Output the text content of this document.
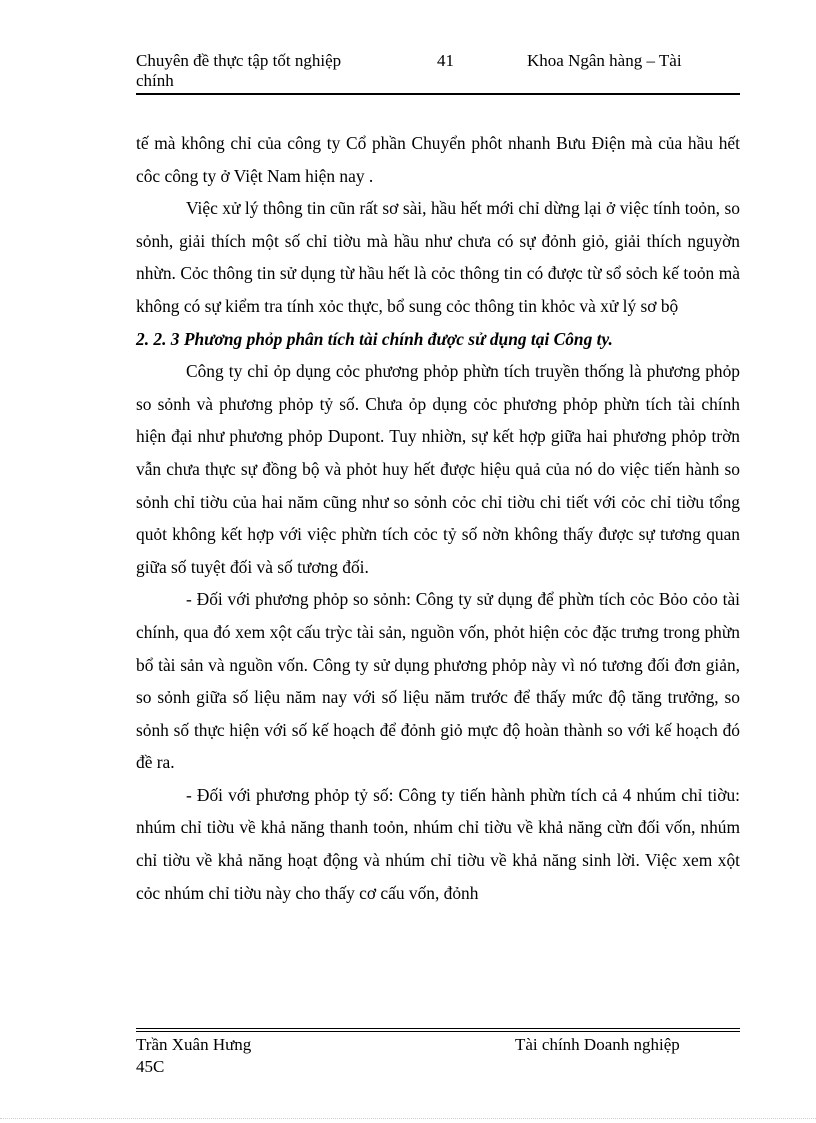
Chuyên đề thực tập tốt nghiệp
chính
41	Khoa Ngân hàng – Tài

tế mà không chỉ của công ty Cổ phần Chuyển phôt nhanh Bưu Điện mà của hầu hết côc công ty ở Việt Nam hiện nay .

Việc xử lý thông tin cũn rất sơ sài, hầu hết mới chỉ dừng lại ở việc tính toỏn, so sỏnh, giải thích một số chỉ tiờu mà hầu như chưa có sự đỏnh giỏ, giải thích nguyờn nhừn. Cỏc thông tin sử dụng từ hầu hết là cỏc thông tin có được từ sổ sỏch kế toỏn mà không có sự kiểm tra tính xỏc thực, bổ sung cỏc thông tin khỏc và xử lý sơ bộ

2. 2. 3 Phương phỏp phân tích tài chính được sử dụng tại Công ty.

Công ty chỉ ỏp dụng cỏc phương phỏp phừn tích truyền thống là phương phỏp so sỏnh và phương phỏp tỷ số. Chưa ỏp dụng cỏc phương phỏp phừn tích tài chính hiện đại như phương phỏp Dupont. Tuy nhiờn, sự kết hợp giữa hai phương phỏp trờn vẫn chưa thực sự đồng bộ và phỏt huy hết được hiệu quả của nó do việc tiến hành so sỏnh chỉ tiờu của hai năm cũng như so sỏnh cỏc chỉ tiờu chi tiết với cỏc chỉ tiờu tổng quỏt không kết hợp với việc phừn tích cỏc tỷ số nờn không thấy được sự tương quan giữa số tuyệt đối và số tương đối.

- Đối với phương phỏp so sỏnh: Công ty sử dụng để phừn tích cỏc Bỏo cỏo tài chính, qua đó xem xột cấu trỳc tài sản, nguồn vốn, phỏt hiện cỏc đặc trưng trong phừn bổ tài sản và nguồn vốn. Công ty sử dụng phương phỏp này vì nó tương đối đơn giản, so sỏnh giữa số liệu năm nay với số liệu năm trước để thấy mức độ tăng trưởng, so sỏnh số thực hiện với số kế hoạch để đỏnh giỏ mực độ hoàn thành so với kế hoạch đó đề ra.

- Đối với phương phỏp tỷ số: Công ty tiến hành phừn tích cả 4 nhúm chỉ tiờu: nhúm chỉ tiờu về khả năng thanh toỏn, nhúm chỉ tiờu về khả năng cừn đối vốn, nhúm chỉ tiờu về khả năng hoạt động và nhúm chỉ tiờu về khả năng sinh lời. Việc xem xột cỏc nhúm chỉ tiờu này cho thấy cơ cấu vốn, đỏnh

Trần Xuân Hưng
45C
Tài chính Doanh nghiệp
